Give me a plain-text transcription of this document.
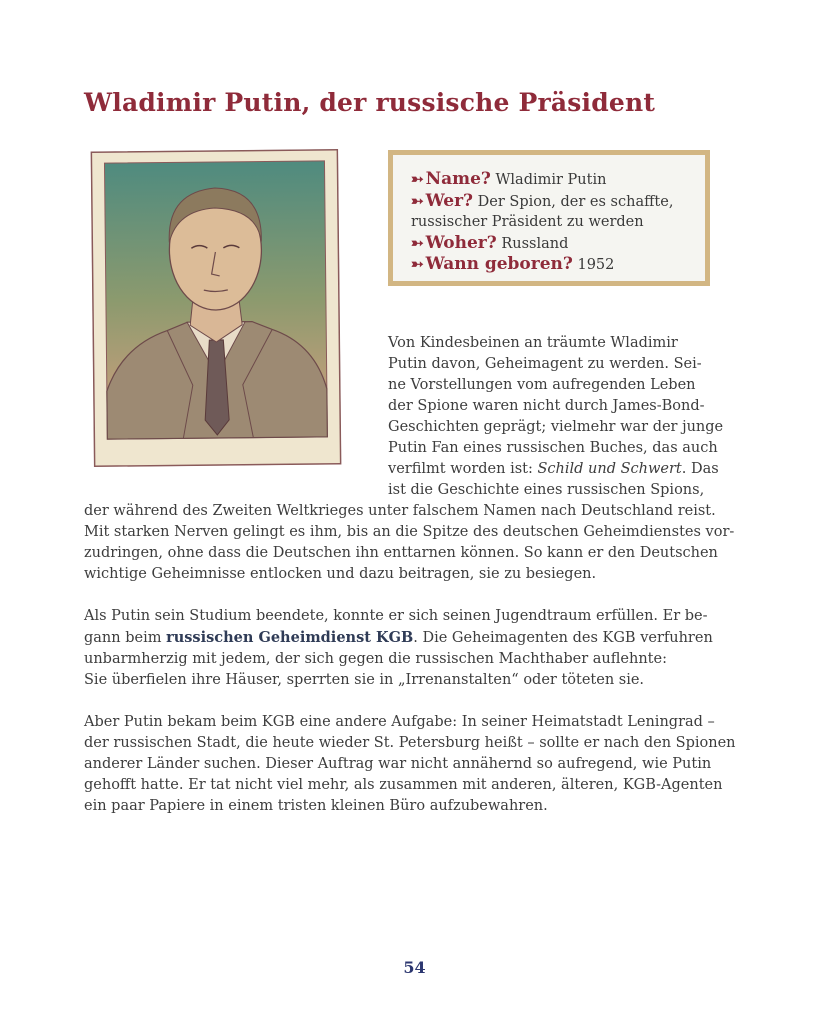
Wladimir Putin, der russische Präsident
➳ Name? Wladimir Putin
➳ Wer? Der Spion, der es schaffte,
russischer Präsident zu werden
➳ Woher? Russland
➳ Wann geboren? 1952

Von Kindesbeinen an träumte Wladimir
Putin davon, Geheimagent zu werden. Sei-
ne Vorstellungen vom aufregenden Leben
der Spione waren nicht durch James-Bond-
Geschichten geprägt; vielmehr war der junge
Putin Fan eines russischen Buches, das auch
verfilmt worden ist: Schild und Schwert. Das
ist die Geschichte eines russischen Spions,

der während des Zweiten Weltkrieges unter falschem Namen nach Deutschland reist.
Mit starken Nerven gelingt es ihm, bis an die Spitze des deutschen Geheimdienstes vor-
zudringen, ohne dass die Deutschen ihn enttarnen können. So kann er den Deutschen
wichtige Geheimnisse entlocken und dazu beitragen, sie zu besiegen.

Als Putin sein Studium beendete, konnte er sich seinen Jugendtraum erfüllen. Er be-
gann beim russischen Geheimdienst KGB. Die Geheimagenten des KGB verfuhren
unbarmherzig mit jedem, der sich gegen die russischen Machthaber auflehnte:
Sie überfielen ihre Häuser, sperrten sie in „Irrenanstalten“ oder töteten sie.

Aber Putin bekam beim KGB eine andere Aufgabe: In seiner Heimatstadt Leningrad –
der russischen Stadt, die heute wieder St. Petersburg heißt – sollte er nach den Spionen
anderer Länder suchen. Dieser Auftrag war nicht annähernd so aufregend, wie Putin
gehofft hatte. Er tat nicht viel mehr, als zusammen mit anderen, älteren, KGB-Agenten
ein paar Papiere in einem tristen kleinen Büro aufzubewahren.

54
